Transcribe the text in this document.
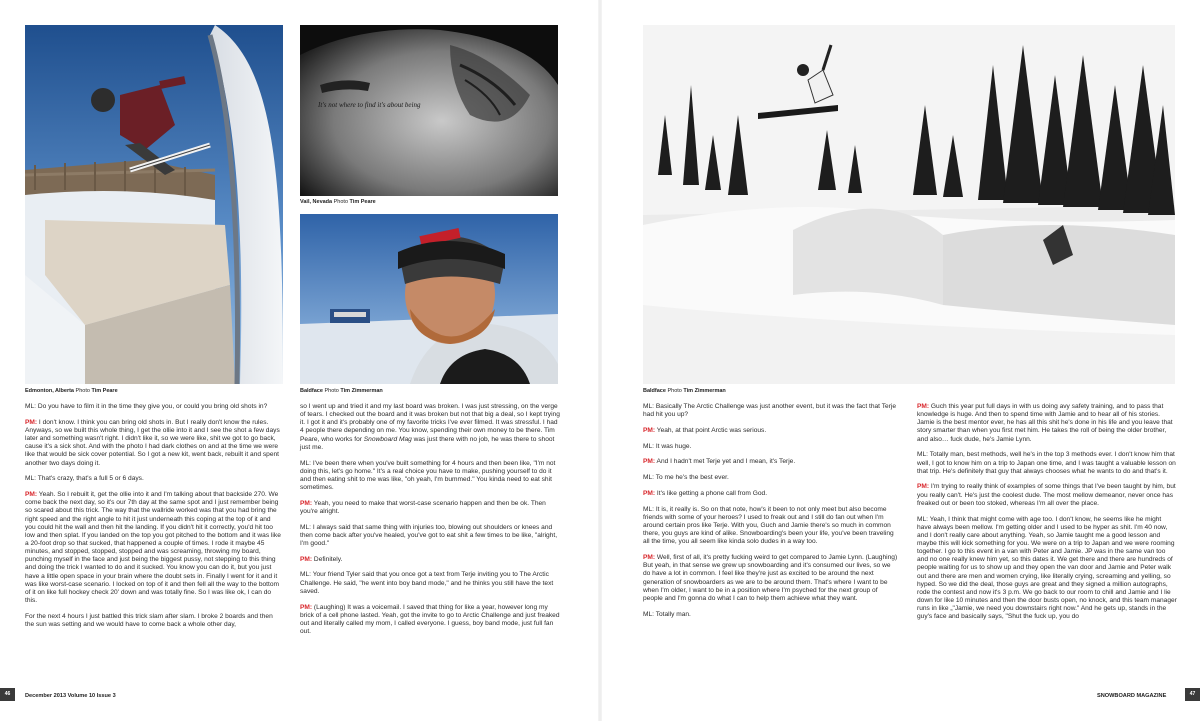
It's not where to find it's about being
Edmonton, Alberta Photo Tim Peare
Vail, Nevada Photo Tim Peare
Baldface Photo Tim Zimmerman	Baldface Photo Tim Zimmerman

ML: Do you have to film it in the time they give you, or could you bring old shots in?

PM: I don't know. I think you can bring old shots in. But I really don't know the rules. Anyways, so we built this whole thing, I get the ollie into it and I see the shot a few days later and something wasn't right. I didn't like it, so we were like, shit we got to go back, cause it's a sick shot. And with the photo I had dark clothes on and at the time we were like that would be sick cover potential. So I got a new kit, went back, rebuilt it and spent another two days doing it.

ML: That's crazy, that's a full 5 or 6 days.

PM: Yeah. So I rebuilt it, get the ollie into it and I'm talking about that backside 270. We come back the next day, so it's our 7th day at the same spot and I just remember being so scared about this trick. The way that the wallride worked was that you had bring the right speed and the right angle to hit it just underneath this coping at the top of it and you could hit the wall and then hit the landing. If you didn't hit it correctly, you'd hit too low and then splat. If you landed on the top you got pitched to the bottom and it was like a 20-foot drop so that sucked, that happened a couple of times. I rode it maybe 45 minutes, and stopped, stopped, stopped and was screaming, throwing my board, punching myself in the face and just being the biggest pussy, not stepping to this thing and doing the trick I wanted to do and it sucked. You know you can do it, but you just have a little open space in your brain where the doubt sets in. Finally I went for it and it was like worst-case scenario. I locked on top of it and then fell all the way to the bottom of it on like full hockey check 20' down and was totally fine. So I was like ok, I can do this.

For the next 4 hours I just battled this trick slam after slam. I broke 2 boards and then the sun was setting and we would have to come back a whole other day,

so I went up and tried it and my last board was broken. I was just stressing, on the verge of tears. I checked out the board and it was broken but not that big a deal, so I kept trying it. I got it and it's probably one of my favorite tricks I've ever filmed. It was stressful. I had 4 people there depending on me. You know, spending their own money to be there. Tim Peare, who works for Snowboard Mag was just there with no job, he was there to shoot just me.

ML: I've been there when you've built something for 4 hours and then been like, "I'm not doing this, let's go home." It's a real choice you have to make, pushing yourself to do it and then eating shit to me was like, "oh yeah, I'm bummed." You kinda need to eat shit sometimes.

PM: Yeah, you need to make that worst-case scenario happen and then be ok. Then you're alright.

ML: I always said that same thing with injuries too, blowing out shoulders or knees and then come back after you've healed, you've got to eat shit a few times to be like, "alright, I'm good."

PM: Definitely.

ML: Your friend Tyler said that you once got a text from Terje inviting you to The Arctic Challenge. He said, "he went into boy band mode," and he thinks you still have the text saved.

PM: (Laughing) It was a voicemail. I saved that thing for like a year, however long my brick of a cell phone lasted. Yeah, got the invite to go to Arctic Challenge and just freaked out and literally called my mom, I called everyone. I guess, boy band mode, just full fan out.

ML: Basically The Arctic Challenge was just another event, but it was the fact that Terje had hit you up?

PM: Yeah, at that point Arctic was serious.

ML: It was huge.

PM: And I hadn't met Terje yet and I mean, it's Terje.

ML: To me he's the best ever.

PM: It's like getting a phone call from God.

ML: It is, it really is. So on that note, how's it been to not only meet but also become friends with some of your heroes? I used to freak out and I still do fan out when I'm around certain pros like Terje. With you, Guch and Jamie there's so much in common there, you guys are kind of alike. Snowboarding's been your life, you've been traveling all the time, you all seem like kinda solo dudes in a way too.

PM: Well, first of all, it's pretty fucking weird to get compared to Jamie Lynn. (Laughing) But yeah, in that sense we grew up snowboarding and it's consumed our lives, so we do have a lot in common. I feel like they're just as excited to be around the next generation of snowboarders as we are to be around them. That's where I want to be when I'm older, I want to be in a position where I'm psyched for the next group of people and I'm gonna do what I can to help them achieve what they want.

ML: Totally man.

PM: Guch this year put full days in with us doing avy safety training, and to pass that knowledge is huge. And then to spend time with Jamie and to hear all of his stories. Jamie is the best mentor ever, he has all this shit he's done in his life and you leave that story smarter than when you first met him. He takes the roll of being the older brother, and also… fuck dude, he's Jamie Lynn.

ML: Totally man, best methods, well he's in the top 3 methods ever. I don't know him that well, I got to know him on a trip to Japan one time, and I was taught a valuable lesson on that trip. He's definitely that guy that always chooses what he wants to do and that's it.

PM: I'm trying to really think of examples of some things that I've been taught by him, but you really can't. He's just the coolest dude. The most mellow demeanor, never once has freaked out or been too stoked, whereas I'm all over the place.

ML: Yeah, I think that might come with age too. I don't know, he seems like he might have always been mellow. I'm getting older and I used to be hyper as shit. I'm 40 now, and I don't really care about anything. Yeah, so Jamie taught me a good lesson and maybe this will kick something for you. We were on a trip to Japan and we were rooming together. I go to this event in a van with Peter and Jamie. JP was in the same van too and no one really knew him yet, so this dates it. We get there and there are hundreds of people waiting for us to show up and they open the van door and Jamie and Peter walk out and there are men and women crying, like literally crying, screaming and yelling, so hyped. So we did the deal, those guys are great and they signed a million autographs, rode the contest and now it's 3 p.m. We go back to our room to chill and Jamie and I lie down for like 10 minutes and then the door busts open, no knock, and this team manager runs in like „"Jamie, we need you downstairs right now." And he gets up, stands in the guy's face and basically says, "Shut the fuck up, you do

46	December 2013 Volume 10 Issue 3	SNOWBOARD MAGAZINE	47
